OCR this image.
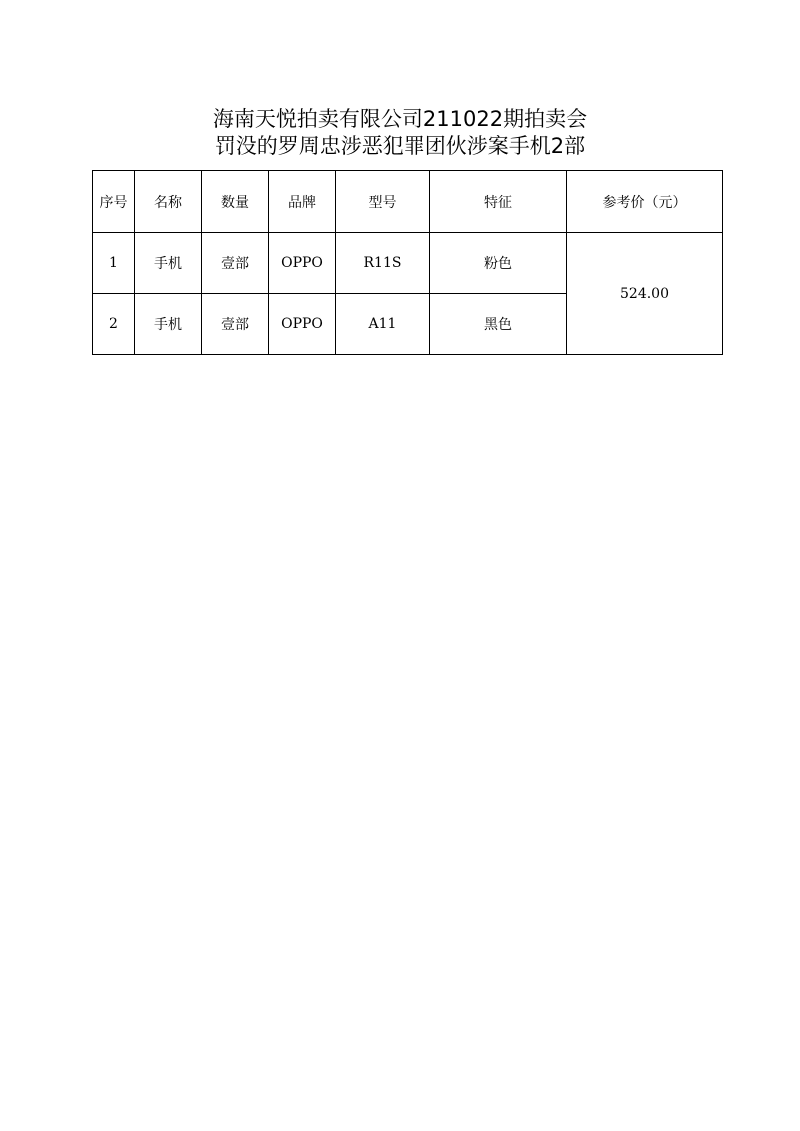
海南天悦拍卖有限公司211022期拍卖会
罚没的罗周忠涉恶犯罪团伙涉案手机2部
序号	名称	数量	品牌	型号	特征	参考价（元）
1	手机	壹部	OPPO	R11S	粉色	524.00
2	手机	壹部	OPPO	A11	黑色	
